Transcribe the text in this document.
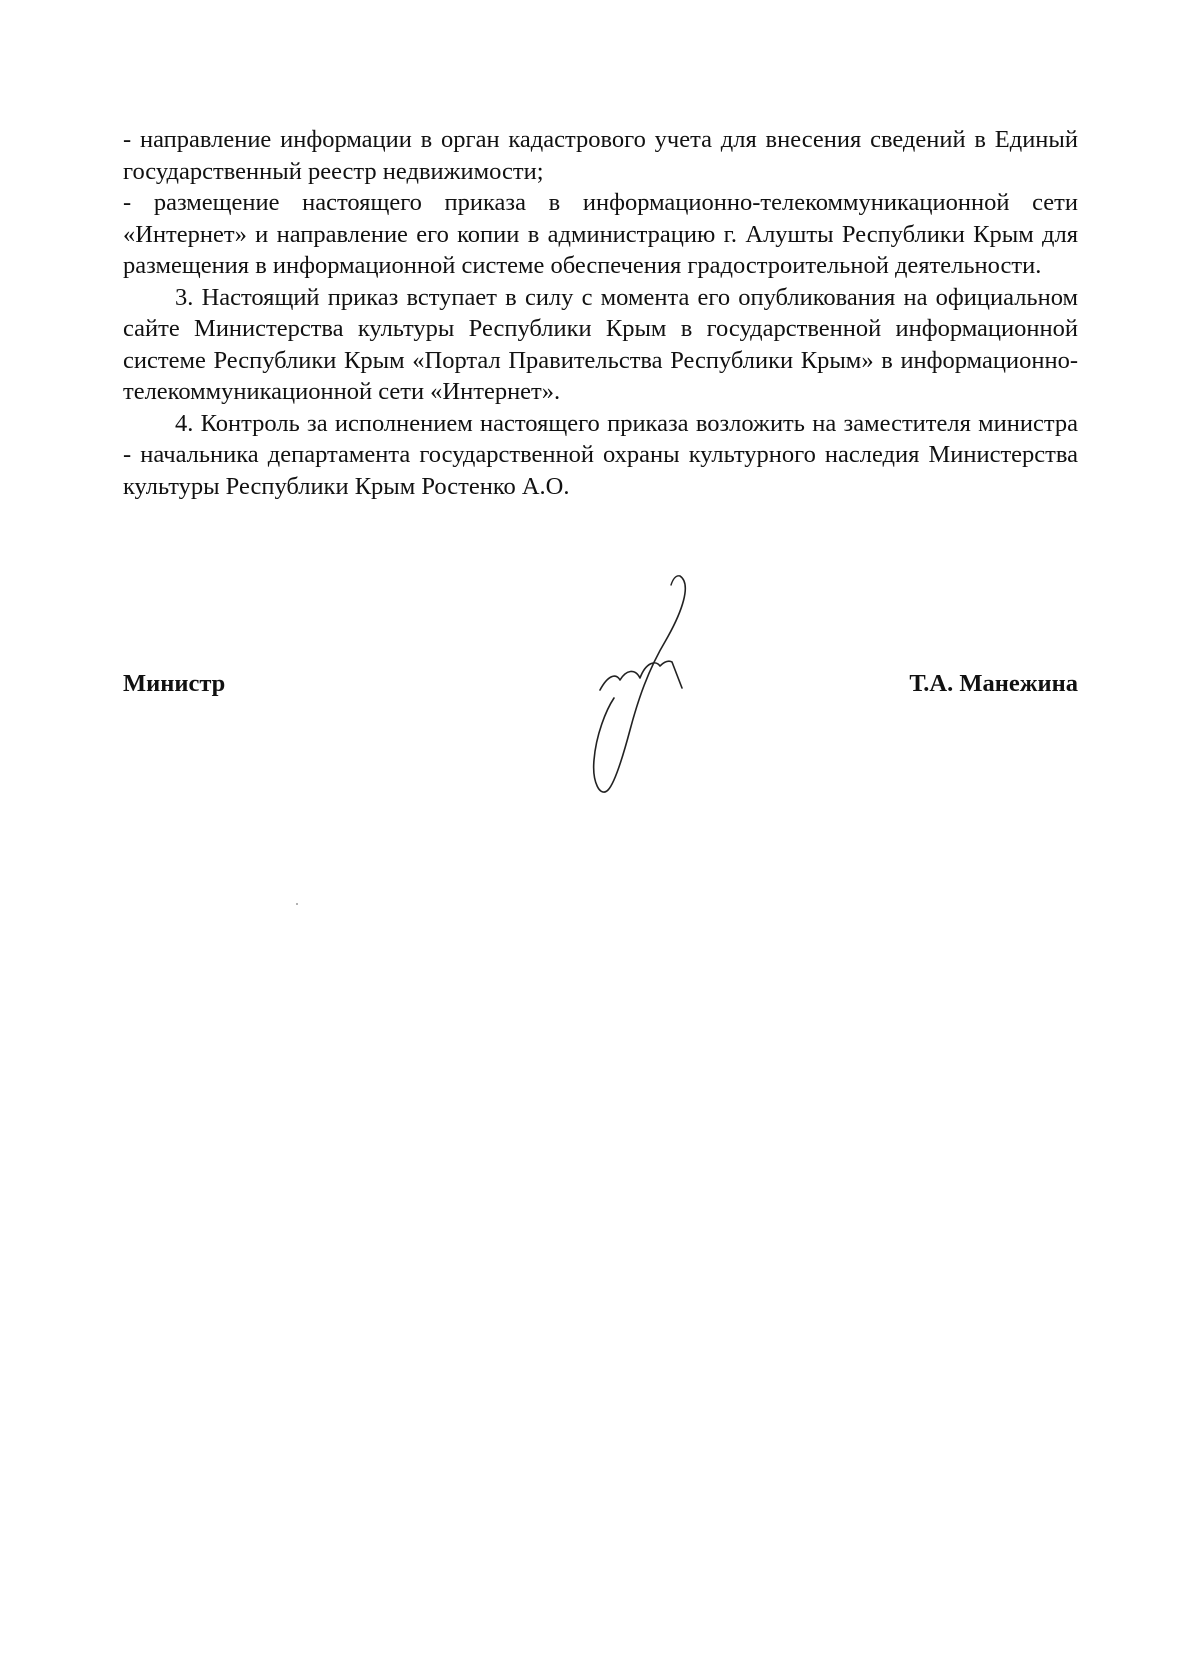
- направление информации в орган кадастрового учета для внесения сведений в Единый государственный реестр недвижимости;

- размещение настоящего приказа в информационно-телекоммуникационной сети «Интернет» и направление его копии в администрацию г. Алушты Республики Крым для размещения в информационной системе обеспечения градостроительной деятельности.

3. Настоящий приказ вступает в силу с момента его опубликования на официальном сайте Министерства культуры Республики Крым в государственной информационной системе Республики Крым «Портал Правительства Республики Крым» в информационно-телекоммуникационной сети «Интернет».

4. Контроль за исполнением настоящего приказа возложить на заместителя министра - начальника департамента государственной охраны культурного наследия Министерства культуры Республики Крым Ростенко А.О.

Министр	Т.А. Манежина
